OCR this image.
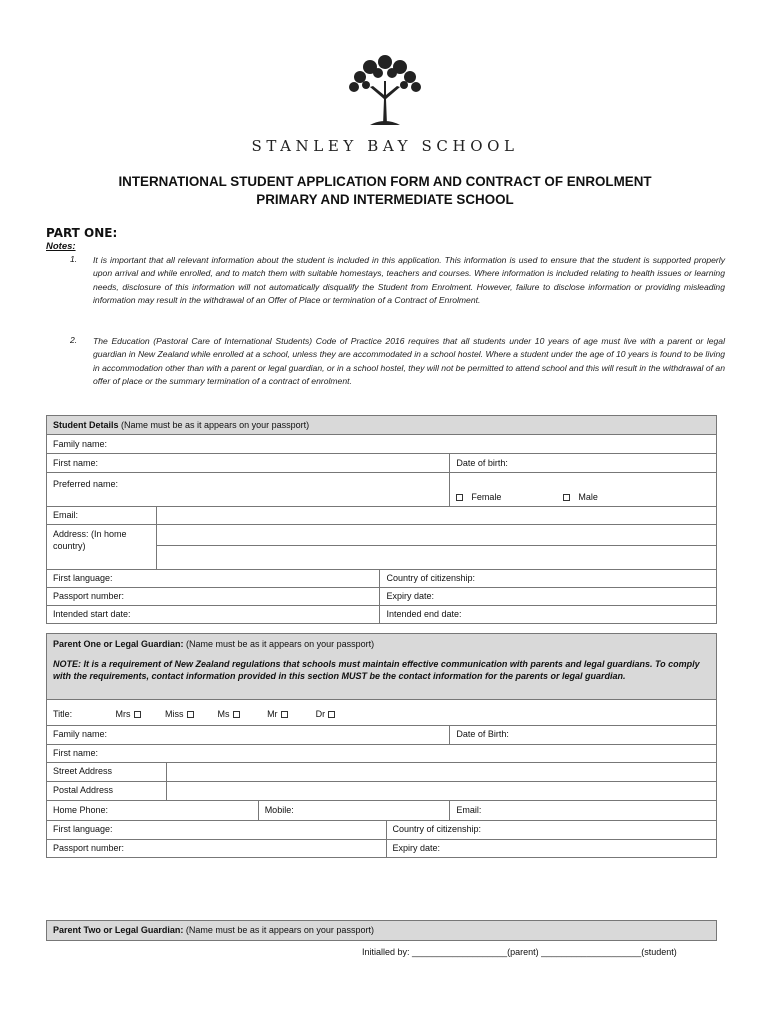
STANLEY BAY SCHOOL
INTERNATIONAL STUDENT APPLICATION FORM AND CONTRACT OF ENROLMENT
PRIMARY AND INTERMEDIATE SCHOOL
PART ONE:
Notes:
1. It is important that all relevant information about the student is included in this application. This information is used to ensure that the student is supported properly upon arrival and while enrolled, and to match them with suitable homestays, teachers and courses. Where information is included relating to health issues or learning needs, disclosure of this information will not automatically disqualify the Student from Enrolment. However, failure to disclose information or providing misleading information may result in the withdrawal of an Offer of Place or termination of a Contract of Enrolment.
2. The Education (Pastoral Care of International Students) Code of Practice 2016 requires that all students under 10 years of age must live with a parent or legal guardian in New Zealand while enrolled at a school, unless they are accommodated in a school hostel. Where a student under the age of 10 years is found to be living in accommodation other than with a parent or legal guardian, or in a school hostel, they will not be permitted to attend school and this will result in the withdrawal of an offer of place or the summary termination of a contract of enrolment.
Student Details (Name must be as it appears on your passport)			
Family name:			
First name:			Date of birth:
Preferred name:			Female Male
Email:			
Address: (In home country)			

First language:		Country of citizenship:	
Passport number:		Expiry date:	
Intended start date:		Intended end date:	
Parent One or Legal Guardian: (Name must be as it appears on your passport)
NOTE: It is a requirement of New Zealand regulations that schools must maintain effective communication with parents and legal guardians. To comply with the requirements, contact information provided in this section MUST be the contact information for the parents or legal guardian.				

Title: Mrs Miss Ms Mr Dr				
Family name:				Date of Birth:
First name:				
Street Address				
Postal Address				
Home Phone:		Mobile:		Email:
First language:			Country of citizenship:	
Passport number:			Expiry date:	
Parent Two or Legal Guardian: (Name must be as it appears on your passport)
Initialled by: ___________________(parent) ____________________(student)
